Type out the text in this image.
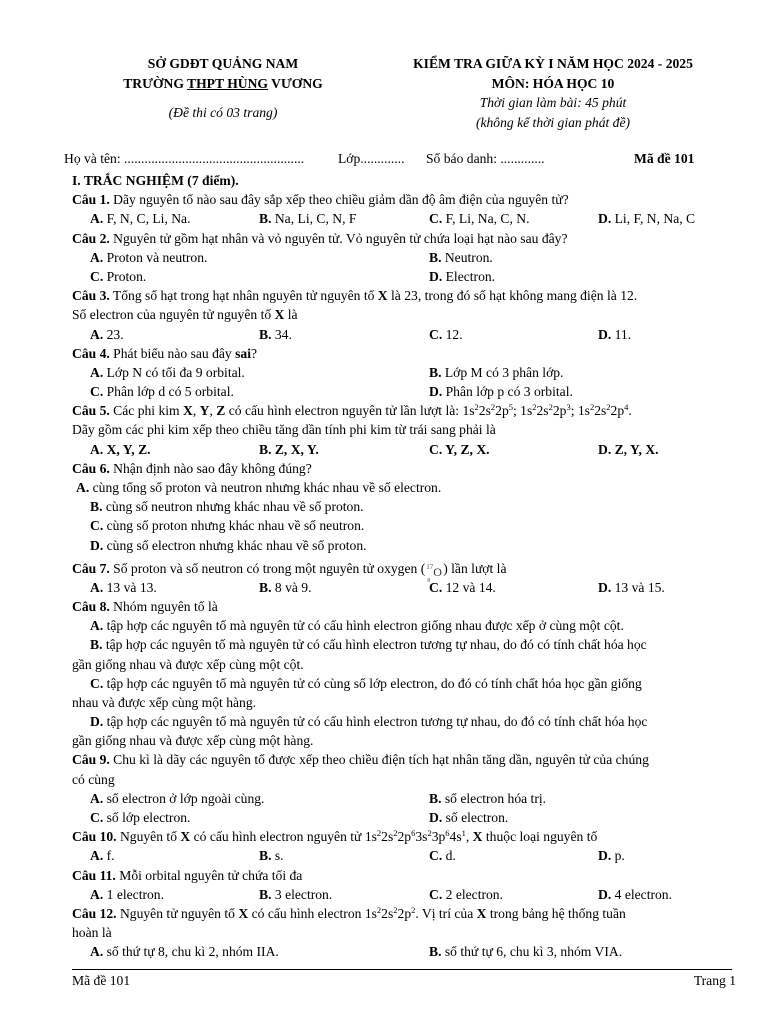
SỞ GDĐT QUẢNG NAM
TRƯỜNG THPT HÙNG VƯƠNG
(Đề thi có 03 trang)
KIỂM TRA GIỮA KỲ I NĂM HỌC 2024 - 2025
MÔN: HÓA HỌC 10
Thời gian làm bài: 45 phút
(không kể thời gian phát đề)
Họ và tên: ..................................................... Lớp............. Số báo danh: .............	Mã đề 101
I. TRẮC NGHIỆM (7 điểm).
Câu 1. Dãy nguyên tố nào sau đây sắp xếp theo chiều giảm dần độ âm điện của nguyên tử?
A. F, N, C, Li, Na.	B. Na, Li, C, N, F	C. F, Li, Na, C, N.	D. Li, F, N, Na, C
Câu 2. Nguyên tử gồm hạt nhân và vỏ nguyên tử. Vỏ nguyên tử chứa loại hạt nào sau đây?
A. Proton và neutron.	B. Neutron.
C. Proton.	D. Electron.
Câu 3. Tổng số hạt trong hạt nhân nguyên tử nguyên tố X là 23, trong đó số hạt không mang điện là 12.
Số electron của nguyên tử nguyên tố X là
A. 23.	B. 34.	C. 12.	D. 11.
Câu 4. Phát biểu nào sau đây sai?
A. Lớp N có tối đa 9 orbital.	B. Lớp M có 3 phân lớp.
C. Phân lớp d có 5 orbital.	D. Phân lớp p có 3 orbital.
Câu 5. Các phi kim X, Y, Z có cấu hình electron nguyên tử lần lượt là: $1s^22s^22p^5$; $1s^22s^22p^3$; $1s^22s^22p^4$.
Dãy gồm các phi kim xếp theo chiều tăng dần tính phi kim từ trái sang phải là
A. X, Y, Z.	B. Z, X, Y.	C. Y, Z, X.	D. Z, Y, X.
Câu 6. Nhận định nào sao đây không đúng?
A. cùng tổng số proton và neutron nhưng khác nhau về số electron.
B. cùng số neutron nhưng khác nhau về số proton.
C. cùng số proton nhưng khác nhau về số neutron.
D. cùng số electron nhưng khác nhau về số proton.
Câu 7. Số proton và số neutron có trong một nguyên tử oxygen ( 17
8
O ) lần lượt là
A. 13 và 13.	B. 8 và 9.	C. 12 và 14.	D. 13 và 15.
Câu 8. Nhóm nguyên tố là
A. tập hợp các nguyên tố mà nguyên tử có cấu hình electron giống nhau được xếp ở cùng một cột.
B. tập hợp các nguyên tố mà nguyên tử có cấu hình electron tương tự nhau, do đó có tính chất hóa học
gần giống nhau và được xếp cùng một cột.
C. tập hợp các nguyên tố mà nguyên tử có cùng số lớp electron, do đó có tính chất hóa học gần giống
nhau và được xếp cùng một hàng.
D. tập hợp các nguyên tố mà nguyên tử có cấu hình electron tương tự nhau, do đó có tính chất hóa học
gần giống nhau và được xếp cùng một hàng.
Câu 9. Chu kì là dãy các nguyên tố được xếp theo chiều điện tích hạt nhân tăng dần, nguyên tử của chúng
có cùng
A. số electron ở lớp ngoài cùng.	B. số electron hóa trị.
C. số lớp electron.	D. số electron.
Câu 10. Nguyên tố X có cấu hình electron nguyên tử $1s^22s^22p^63s^23p^64s^1$, X thuộc loại nguyên tố
A. f.	B. s.	C. d.	D. p.
Câu 11. Mỗi orbital nguyên tử chứa tối đa
A. 1 electron.	B. 3 electron.	C. 2 electron.	D. 4 electron.
Câu 12. Nguyên tử nguyên tố X có cấu hình electron $1s^22s^22p^2$. Vị trí của X trong bảng hệ thống tuần
hoàn là
A. số thứ tự 8, chu kì 2, nhóm IIA.	B. số thứ tự 6, chu kì 3, nhóm VIA.
Mã đề 101	Trang 1
